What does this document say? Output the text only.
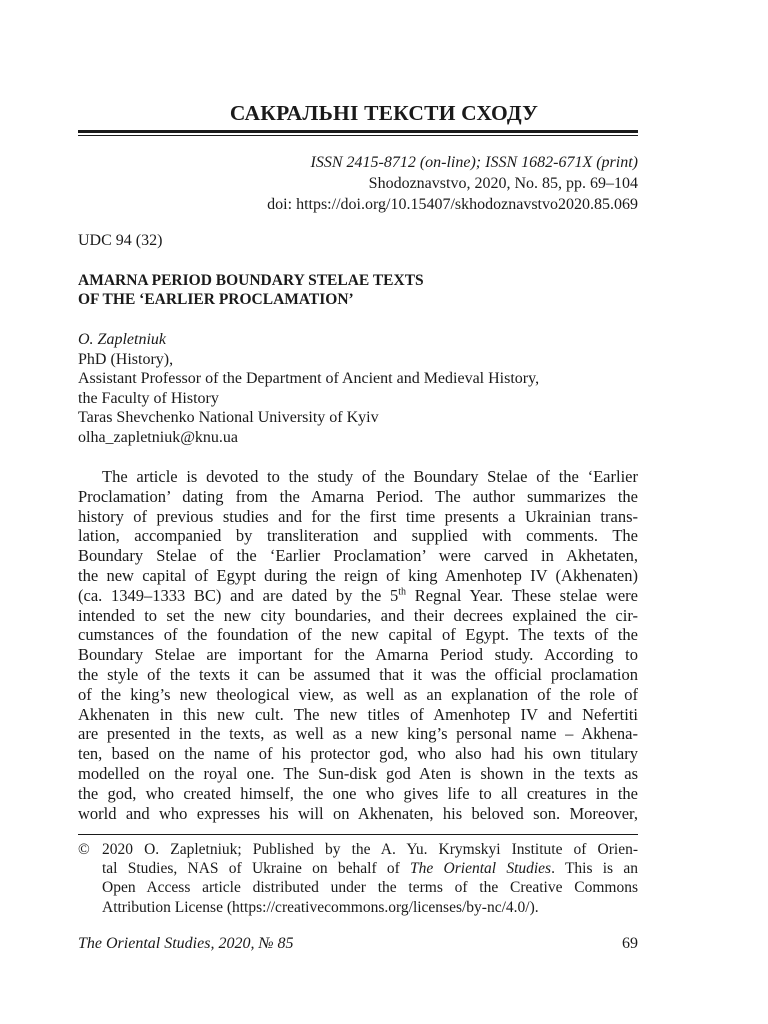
САКРАЛЬНІ ТЕКСТИ СХОДУ
ISSN 2415-8712 (on-line); ISSN 1682-671X (print)
Shodoznavstvo, 2020, No. 85, pp. 69–104
doi: https://doi.org/10.15407/skhodoznavstvo2020.85.069
UDC 94 (32)
AMARNA PERIOD BOUNDARY STELAE TEXTS
OF THE ‘EARLIER PROCLAMATION’
O. Zapletniuk
PhD (History),
Assistant Professor of the Department of Ancient and Medieval History,
the Faculty of History
Taras Shevchenko National University of Kyiv
olha_zapletniuk@knu.ua
The article is devoted to the study of the Boundary Stelae of the ‘Earlier
Proclamation’ dating from the Amarna Period. The author summarizes the
history of previous studies and for the first time presents a Ukrainian trans-
lation, accompanied by transliteration and supplied with comments. The
Boundary Stelae of the ‘Earlier Proclamation’ were carved in Akhetaten,
the new capital of Egypt during the reign of king Amenhotep IV (Akhenaten)
(ca. 1349–1333 BC) and are dated by the 5th Regnal Year. These stelae were
intended to set the new city boundaries, and their decrees explained the cir-
cumstances of the foundation of the new capital of Egypt. The texts of the
Boundary Stelae are important for the Amarna Period study. According to
the style of the texts it can be assumed that it was the official proclamation
of the king’s new theological view, as well as an explanation of the role of
Akhenaten in this new cult. The new titles of Amenhotep IV and Nefertiti
are presented in the texts, as well as a new king’s personal name – Akhena-
ten, based on the name of his protector god, who also had his own titulary
modelled on the royal one. The Sun-disk god Aten is shown in the texts as
the god, who created himself, the one who gives life to all creatures in the
world and who expresses his will on Akhenaten, his beloved son. Moreover,
© 2020 O. Zapletniuk; Published by the A. Yu. Krymskyi Institute of Orien-
tal Studies, NAS of Ukraine on behalf of The Oriental Studies. This is an
Open Access article distributed under the terms of the Creative Commons
Attribution License (https://creativecommons.org/licenses/by-nc/4.0/).
The Oriental Studies, 2020, № 85	69
